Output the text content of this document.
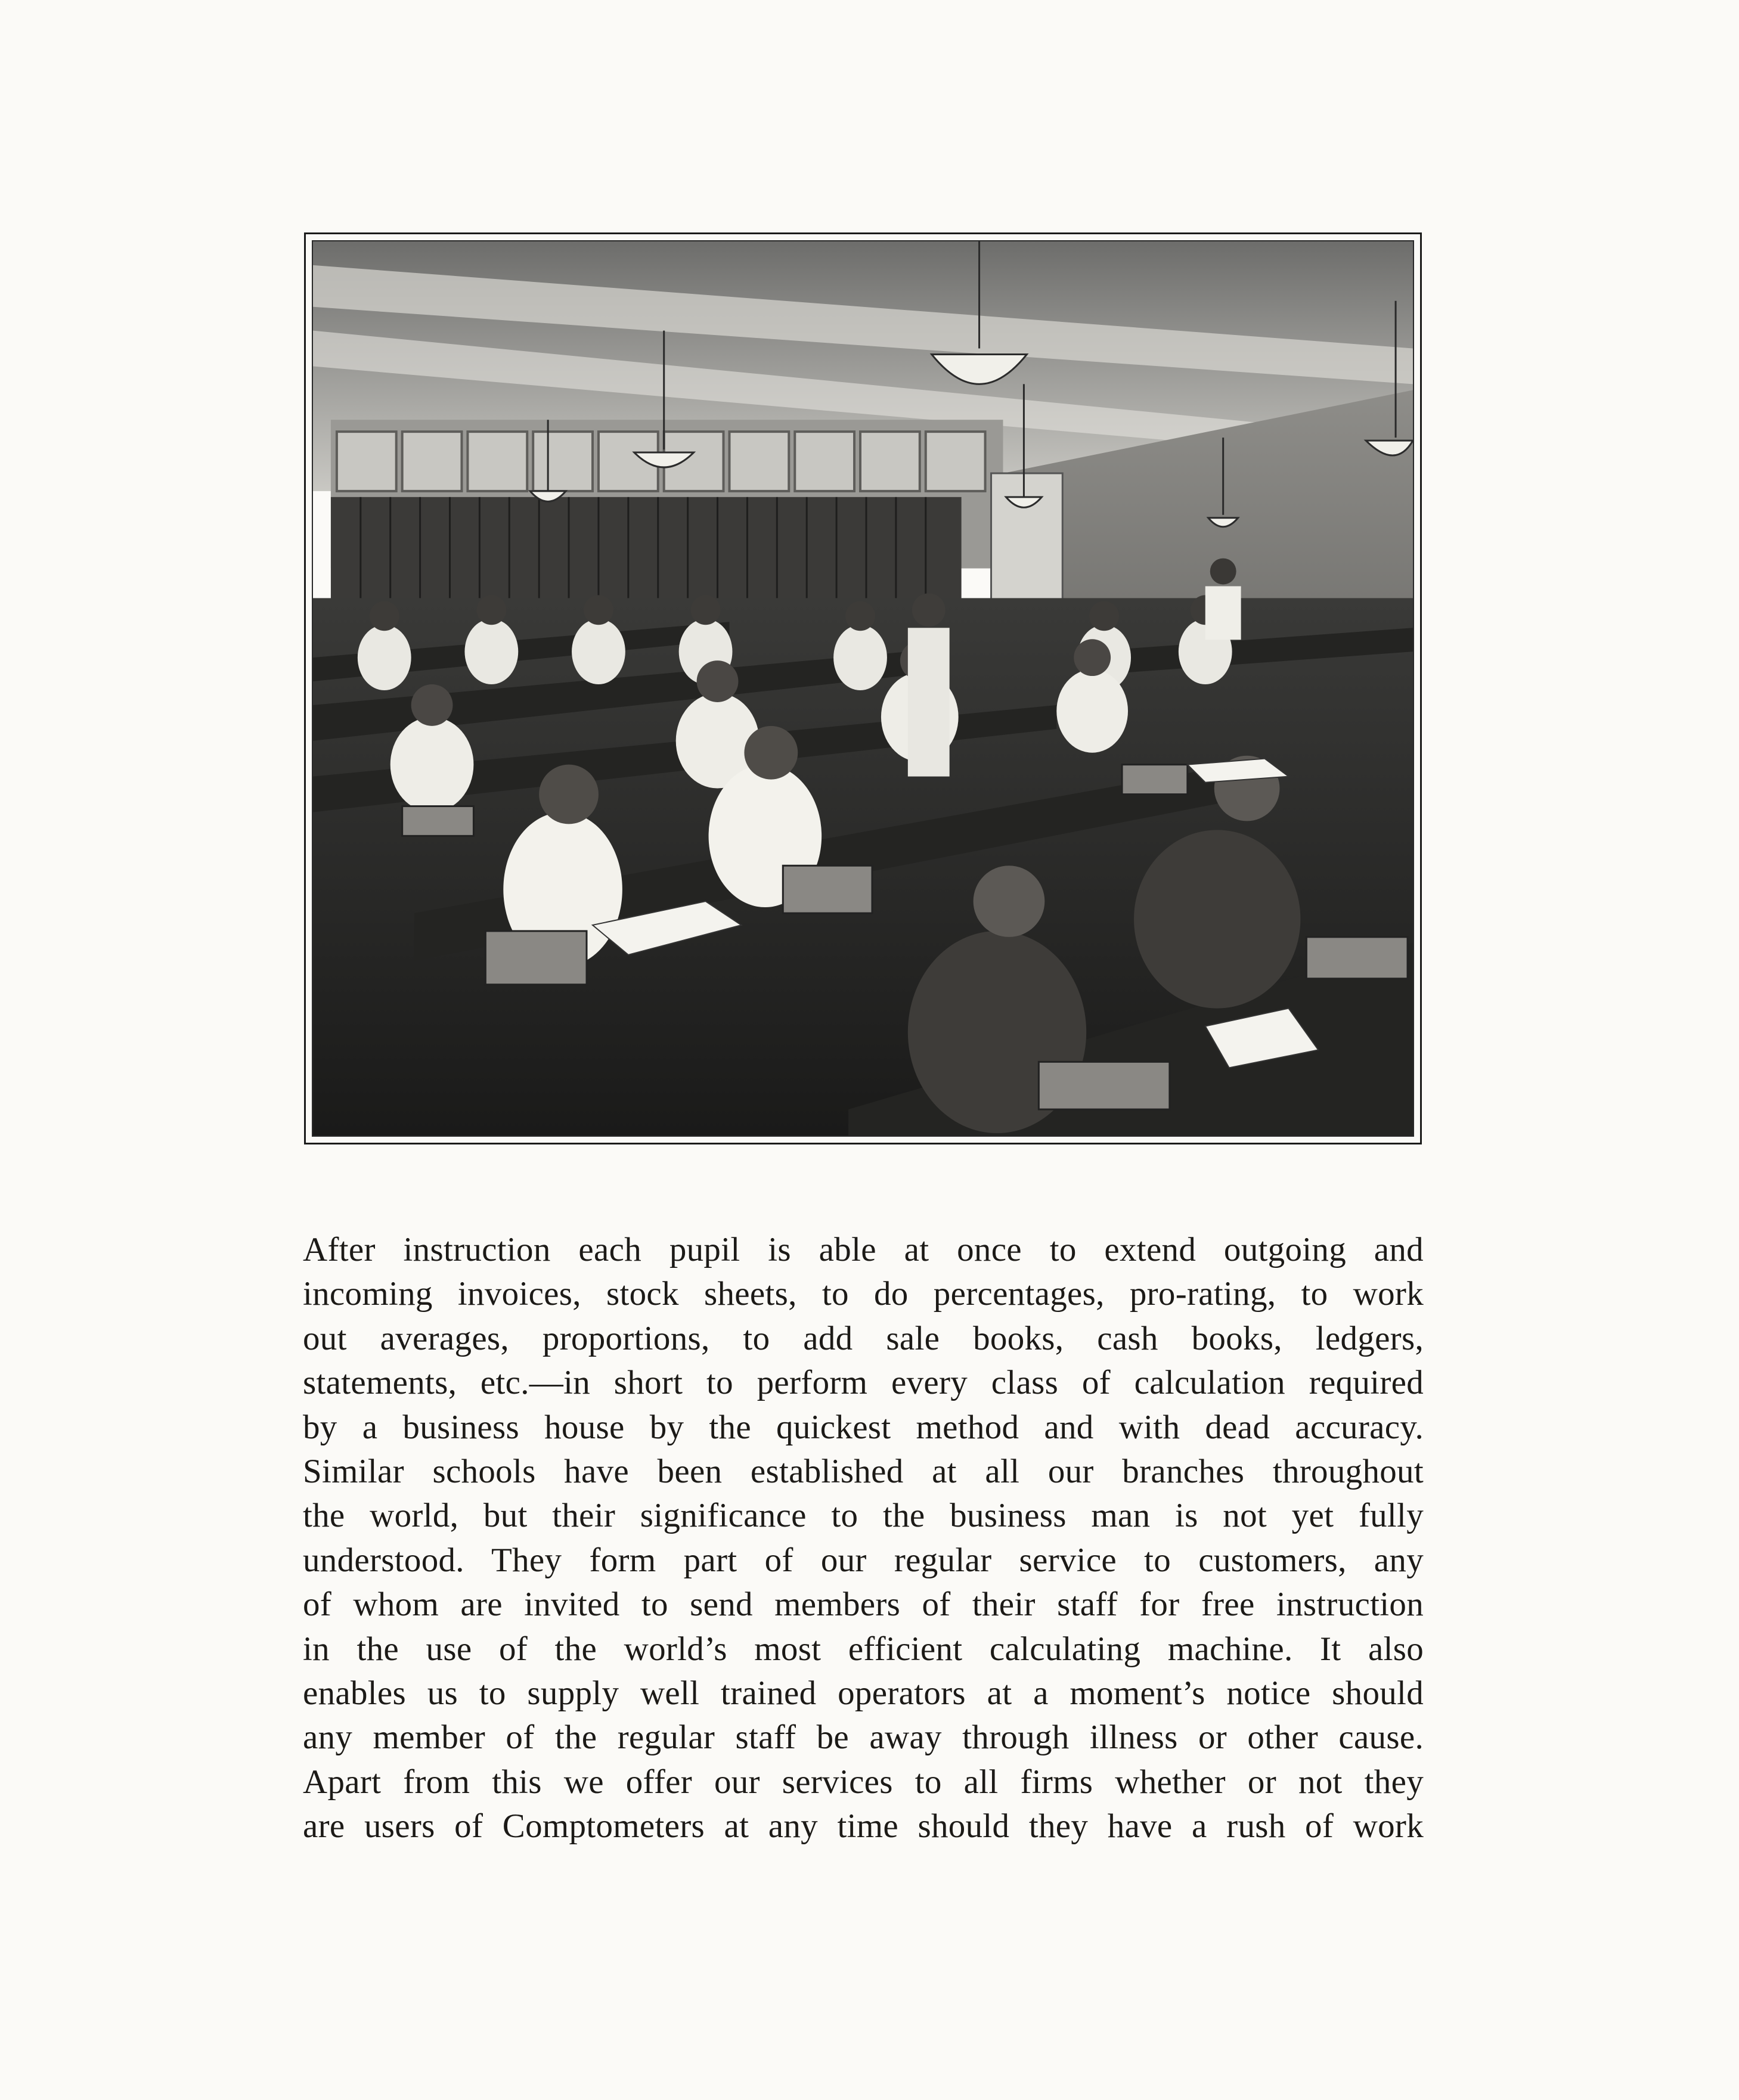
After instruction each pupil is able at once to extend outgoing and
incoming invoices, stock sheets, to do percentages, pro-rating, to work
out averages, proportions, to add sale books, cash books, ledgers,
statements, etc.—in short to perform every class of calculation required
by a business house by the quickest method and with dead accuracy.
Similar schools have been established at all our branches throughout
the world, but their significance to the business man is not yet fully
understood. They form part of our regular service to customers, any
of whom are invited to send members of their staff for free instruction
in the use of the world’s most efficient calculating machine. It also
enables us to supply well trained operators at a moment’s notice should
any member of the regular staff be away through illness or other cause.
Apart from this we offer our services to all firms whether or not they
are users of Comptometers at any time should they have a rush of work
